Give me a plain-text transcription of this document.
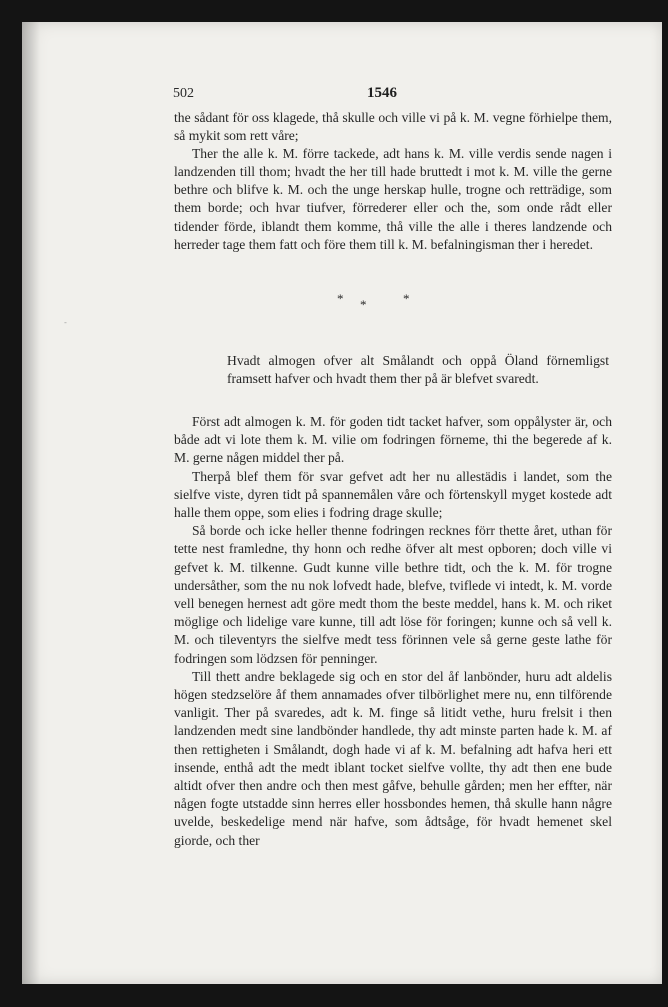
-
502	1546

the sådant för oss klagede, thå skulle och ville vi på k. M. vegne förhielpe them, så mykit som rett våre;

Ther the alle k. M. förre tackede, adt hans k. M. ville verdis sende nagen i landzenden till thom; hvadt the her till hade bruttedt i mot k. M. ville the gerne bethre och blifve k. M. och the unge herskap hulle, trogne och retträdige, som them borde; och hvar tiufver, förrederer eller och the, som onde rådt eller tidender förde, iblandt them komme, thå ville the alle i theres landzende och herreder tage them fatt och före them till k. M. befalningisman ther i heredet.

* *	*

Hvadt almogen ofver alt Smålandt och oppå Öland förnemligst framsett hafver och hvadt them ther på är blefvet svaredt.

Först adt almogen k. M. för goden tidt tacket hafver, som oppålyster är, och både adt vi lote them k. M. vilie om fodringen förneme, thi the begerede af k. M. gerne någen middel ther på.

Therpå blef them för svar gefvet adt her nu allestädis i landet, som the sielfve viste, dyren tidt på spannemålen våre och förtenskyll myget kostede adt halle them oppe, som elies i fodring drage skulle;

Så borde och icke heller thenne fodringen recknes förr thette året, uthan för tette nest framledne, thy honn och redhe öfver alt mest opboren; doch ville vi gefvet k. M. tilkenne. Gudt kunne ville bethre tidt, och the k. M. för trogne undersåther, som the nu nok lofvedt hade, blefve, tviflede vi intedt, k. M. vorde vell benegen hernest adt göre medt thom the beste meddel, hans k. M. och riket möglige och lidelige vare kunne, till adt löse för foringen; kunne och så vell k. M. och tileventyrs the sielfve medt tess förinnen vele så gerne geste lathe för fodringen som lödzsen för penninger.

Till thett andre beklagede sig och en stor del åf lanbönder, huru adt aldelis högen stedzselöre åf them annamades ofver tilbörlighet mere nu, enn tilförende vanligit. Ther på svaredes, adt k. M. finge så litidt vethe, huru frelsit i then landzenden medt sine landbönder handlede, thy adt minste parten hade k. M. af then rettigheten i Smålandt, dogh hade vi af k. M. befalning adt hafva heri ett insende, enthå adt the medt iblant tocket sielfve vollte, thy adt then ene bude altidt ofver then andre och then mest gåfve, behulle gården; men her effter, när någen fogte utstadde sinn herres eller hossbondes hemen, thå skulle hann någre uvelde, beskedelige mend när hafve, som ådtsåge, för hvadt hemenet skel giorde, och ther
